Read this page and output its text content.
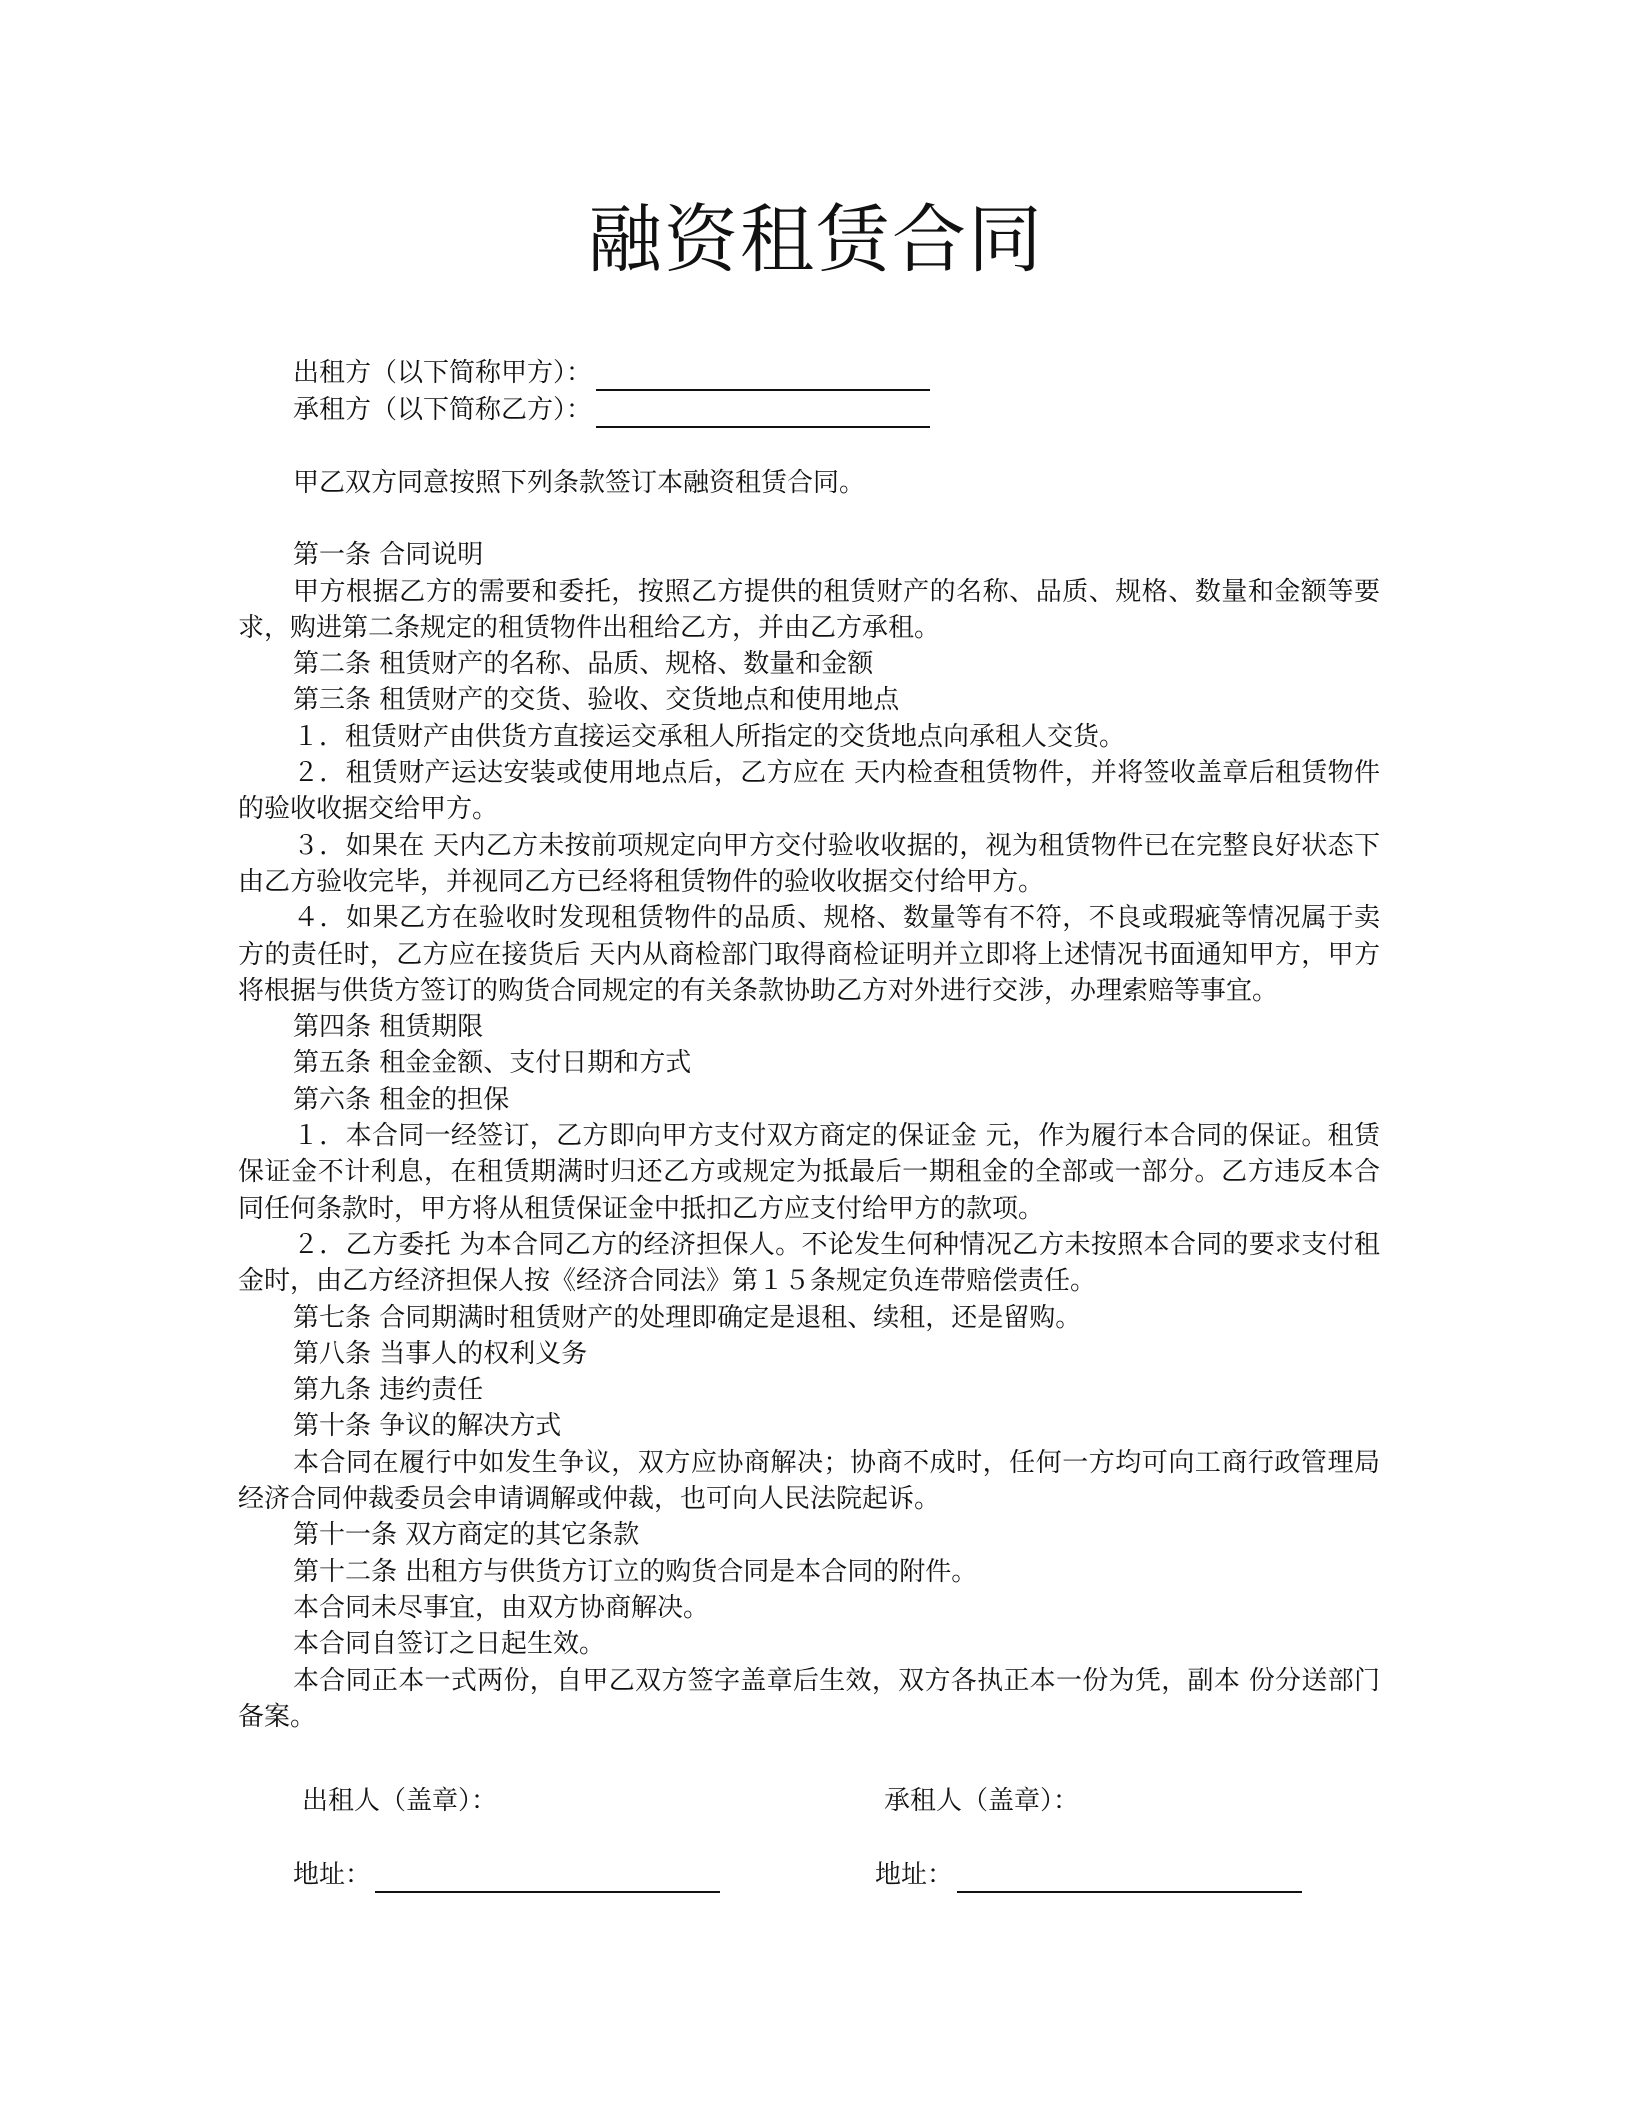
融资租赁合同
出租方（以下简称甲方）：
承租方（以下简称乙方）：

甲乙双方同意按照下列条款签订本融资租赁合同。

第一条 合同说明

甲方根据乙方的需要和委托，按照乙方提供的租赁财产的名称、品质、规格、数量和金额等要求，购进第二条规定的租赁物件出租给乙方，并由乙方承租。

第二条 租赁财产的名称、品质、规格、数量和金额

第三条 租赁财产的交货、验收、交货地点和使用地点

１．租赁财产由供货方直接运交承租人所指定的交货地点向承租人交货。

２．租赁财产运达安装或使用地点后，乙方应在 天内检查租赁物件，并将签收盖章后租赁物件的验收收据交给甲方。

３．如果在 天内乙方未按前项规定向甲方交付验收收据的，视为租赁物件已在完整良好状态下由乙方验收完毕，并视同乙方已经将租赁物件的验收收据交付给甲方。

４．如果乙方在验收时发现租赁物件的品质、规格、数量等有不符，不良或瑕疵等情况属于卖方的责任时，乙方应在接货后 天内从商检部门取得商检证明并立即将上述情况书面通知甲方，甲方将根据与供货方签订的购货合同规定的有关条款协助乙方对外进行交涉，办理索赔等事宜。

第四条 租赁期限

第五条 租金金额、支付日期和方式

第六条 租金的担保

１．本合同一经签订，乙方即向甲方支付双方商定的保证金 元，作为履行本合同的保证。租赁保证金不计利息，在租赁期满时归还乙方或规定为抵最后一期租金的全部或一部分。乙方违反本合同任何条款时，甲方将从租赁保证金中抵扣乙方应支付给甲方的款项。

２．乙方委托 为本合同乙方的经济担保人。不论发生何种情况乙方未按照本合同的要求支付租金时，由乙方经济担保人按《经济合同法》第１５条规定负连带赔偿责任。

第七条 合同期满时租赁财产的处理即确定是退租、续租，还是留购。

第八条 当事人的权利义务

第九条 违约责任

第十条 争议的解决方式

本合同在履行中如发生争议，双方应协商解决；协商不成时，任何一方均可向工商行政管理局经济合同仲裁委员会申请调解或仲裁，也可向人民法院起诉。

第十一条 双方商定的其它条款

第十二条 出租方与供货方订立的购货合同是本合同的附件。

本合同未尽事宜，由双方协商解决。

本合同自签订之日起生效。

本合同正本一式两份，自甲乙双方签字盖章后生效，双方各执正本一份为凭，副本 份分送部门备案。

出租人（盖章）：	承租人（盖章）：
地址：	地址：
